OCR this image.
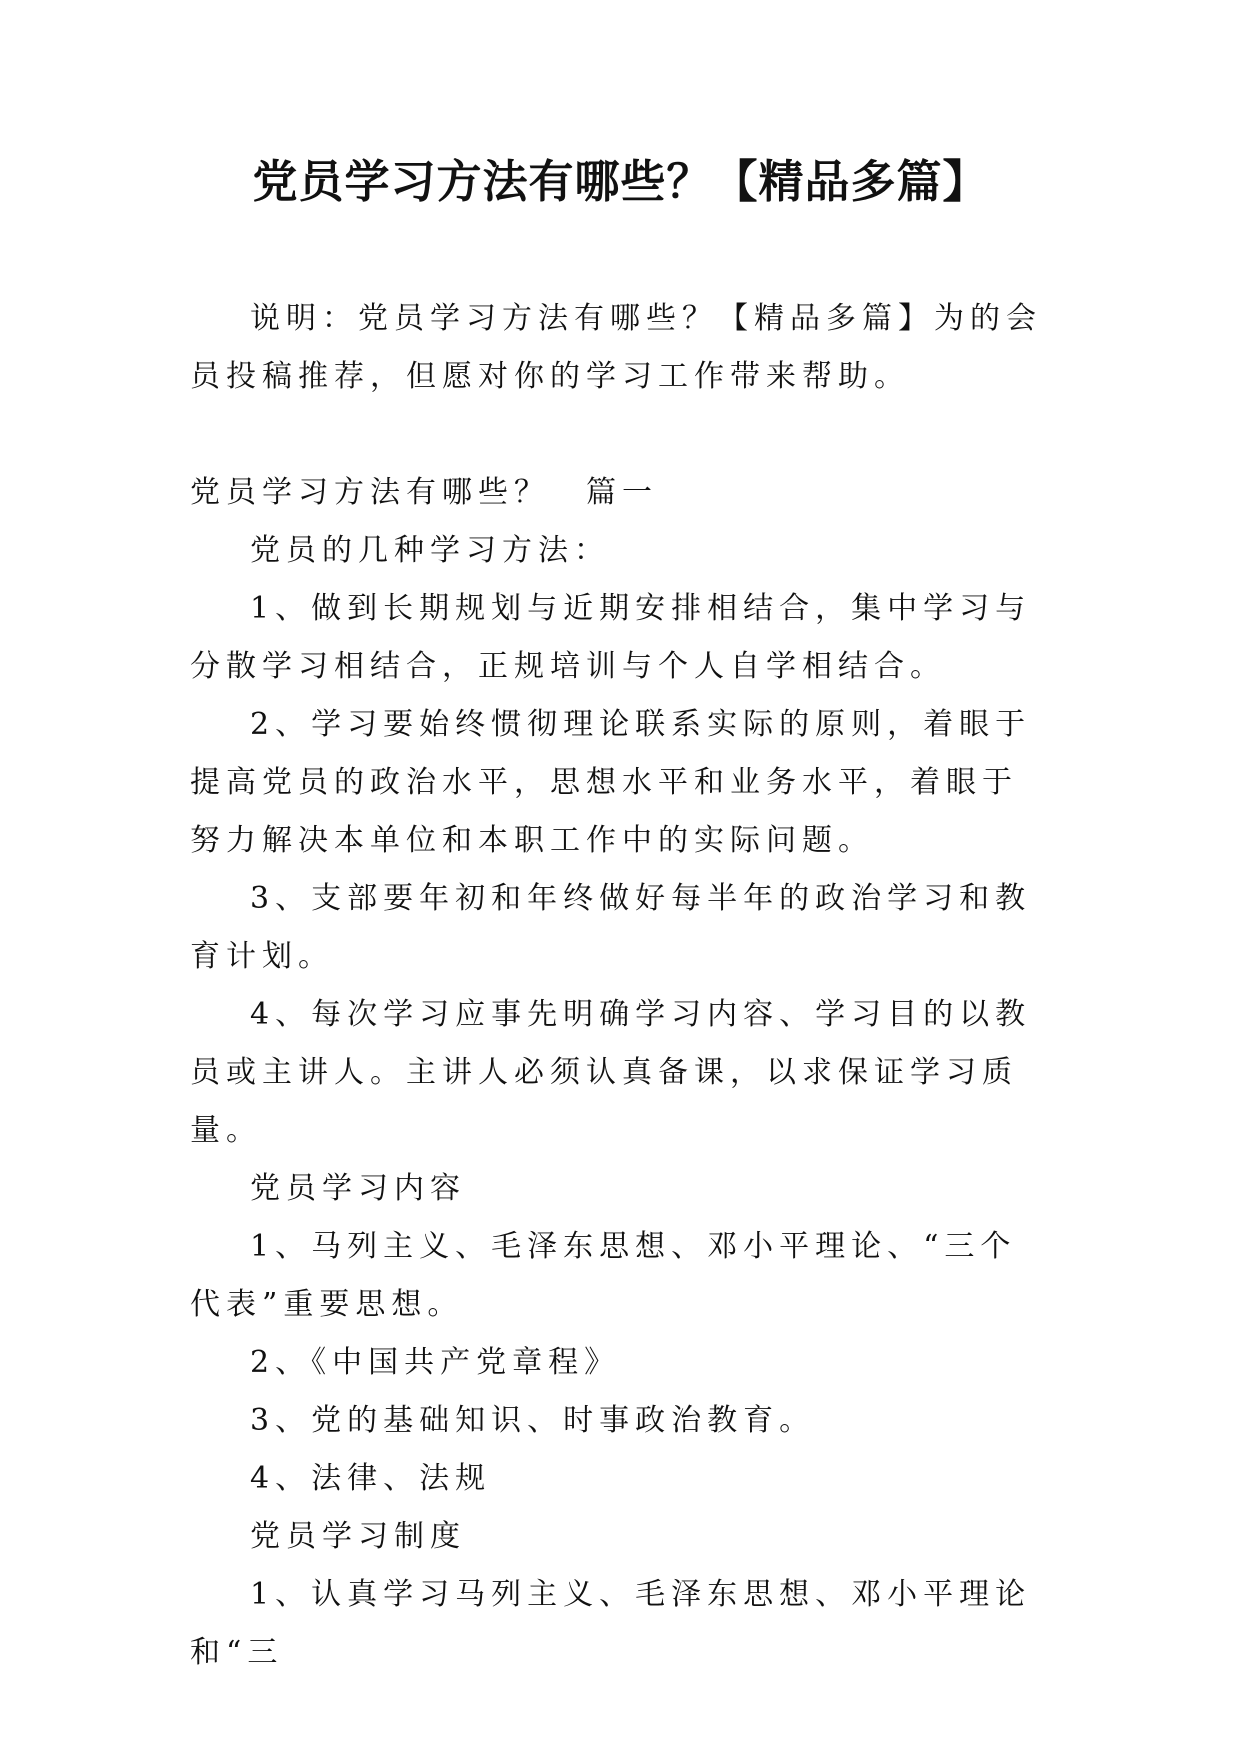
党员学习方法有哪些？【精品多篇】

说明：党员学习方法有哪些？【精品多篇】为的会员投稿推荐，但愿对你的学习工作带来帮助。

党员学习方法有哪些？　篇一

党员的几种学习方法：

1、做到长期规划与近期安排相结合，集中学习与分散学习相结合，正规培训与个人自学相结合。

2、学习要始终惯彻理论联系实际的原则，着眼于提高党员的政治水平，思想水平和业务水平，着眼于努力解决本单位和本职工作中的实际问题。

3、支部要年初和年终做好每半年的政治学习和教育计划。

4、每次学习应事先明确学习内容、学习目的以教员或主讲人。主讲人必须认真备课，以求保证学习质量。

党员学习内容

1、马列主义、毛泽东思想、邓小平理论、“三个代表”重要思想。

2、《中国共产党章程》

3、党的基础知识、时事政治教育。

4、法律、法规

党员学习制度

1、认真学习马列主义、毛泽东思想、邓小平理论和“三
